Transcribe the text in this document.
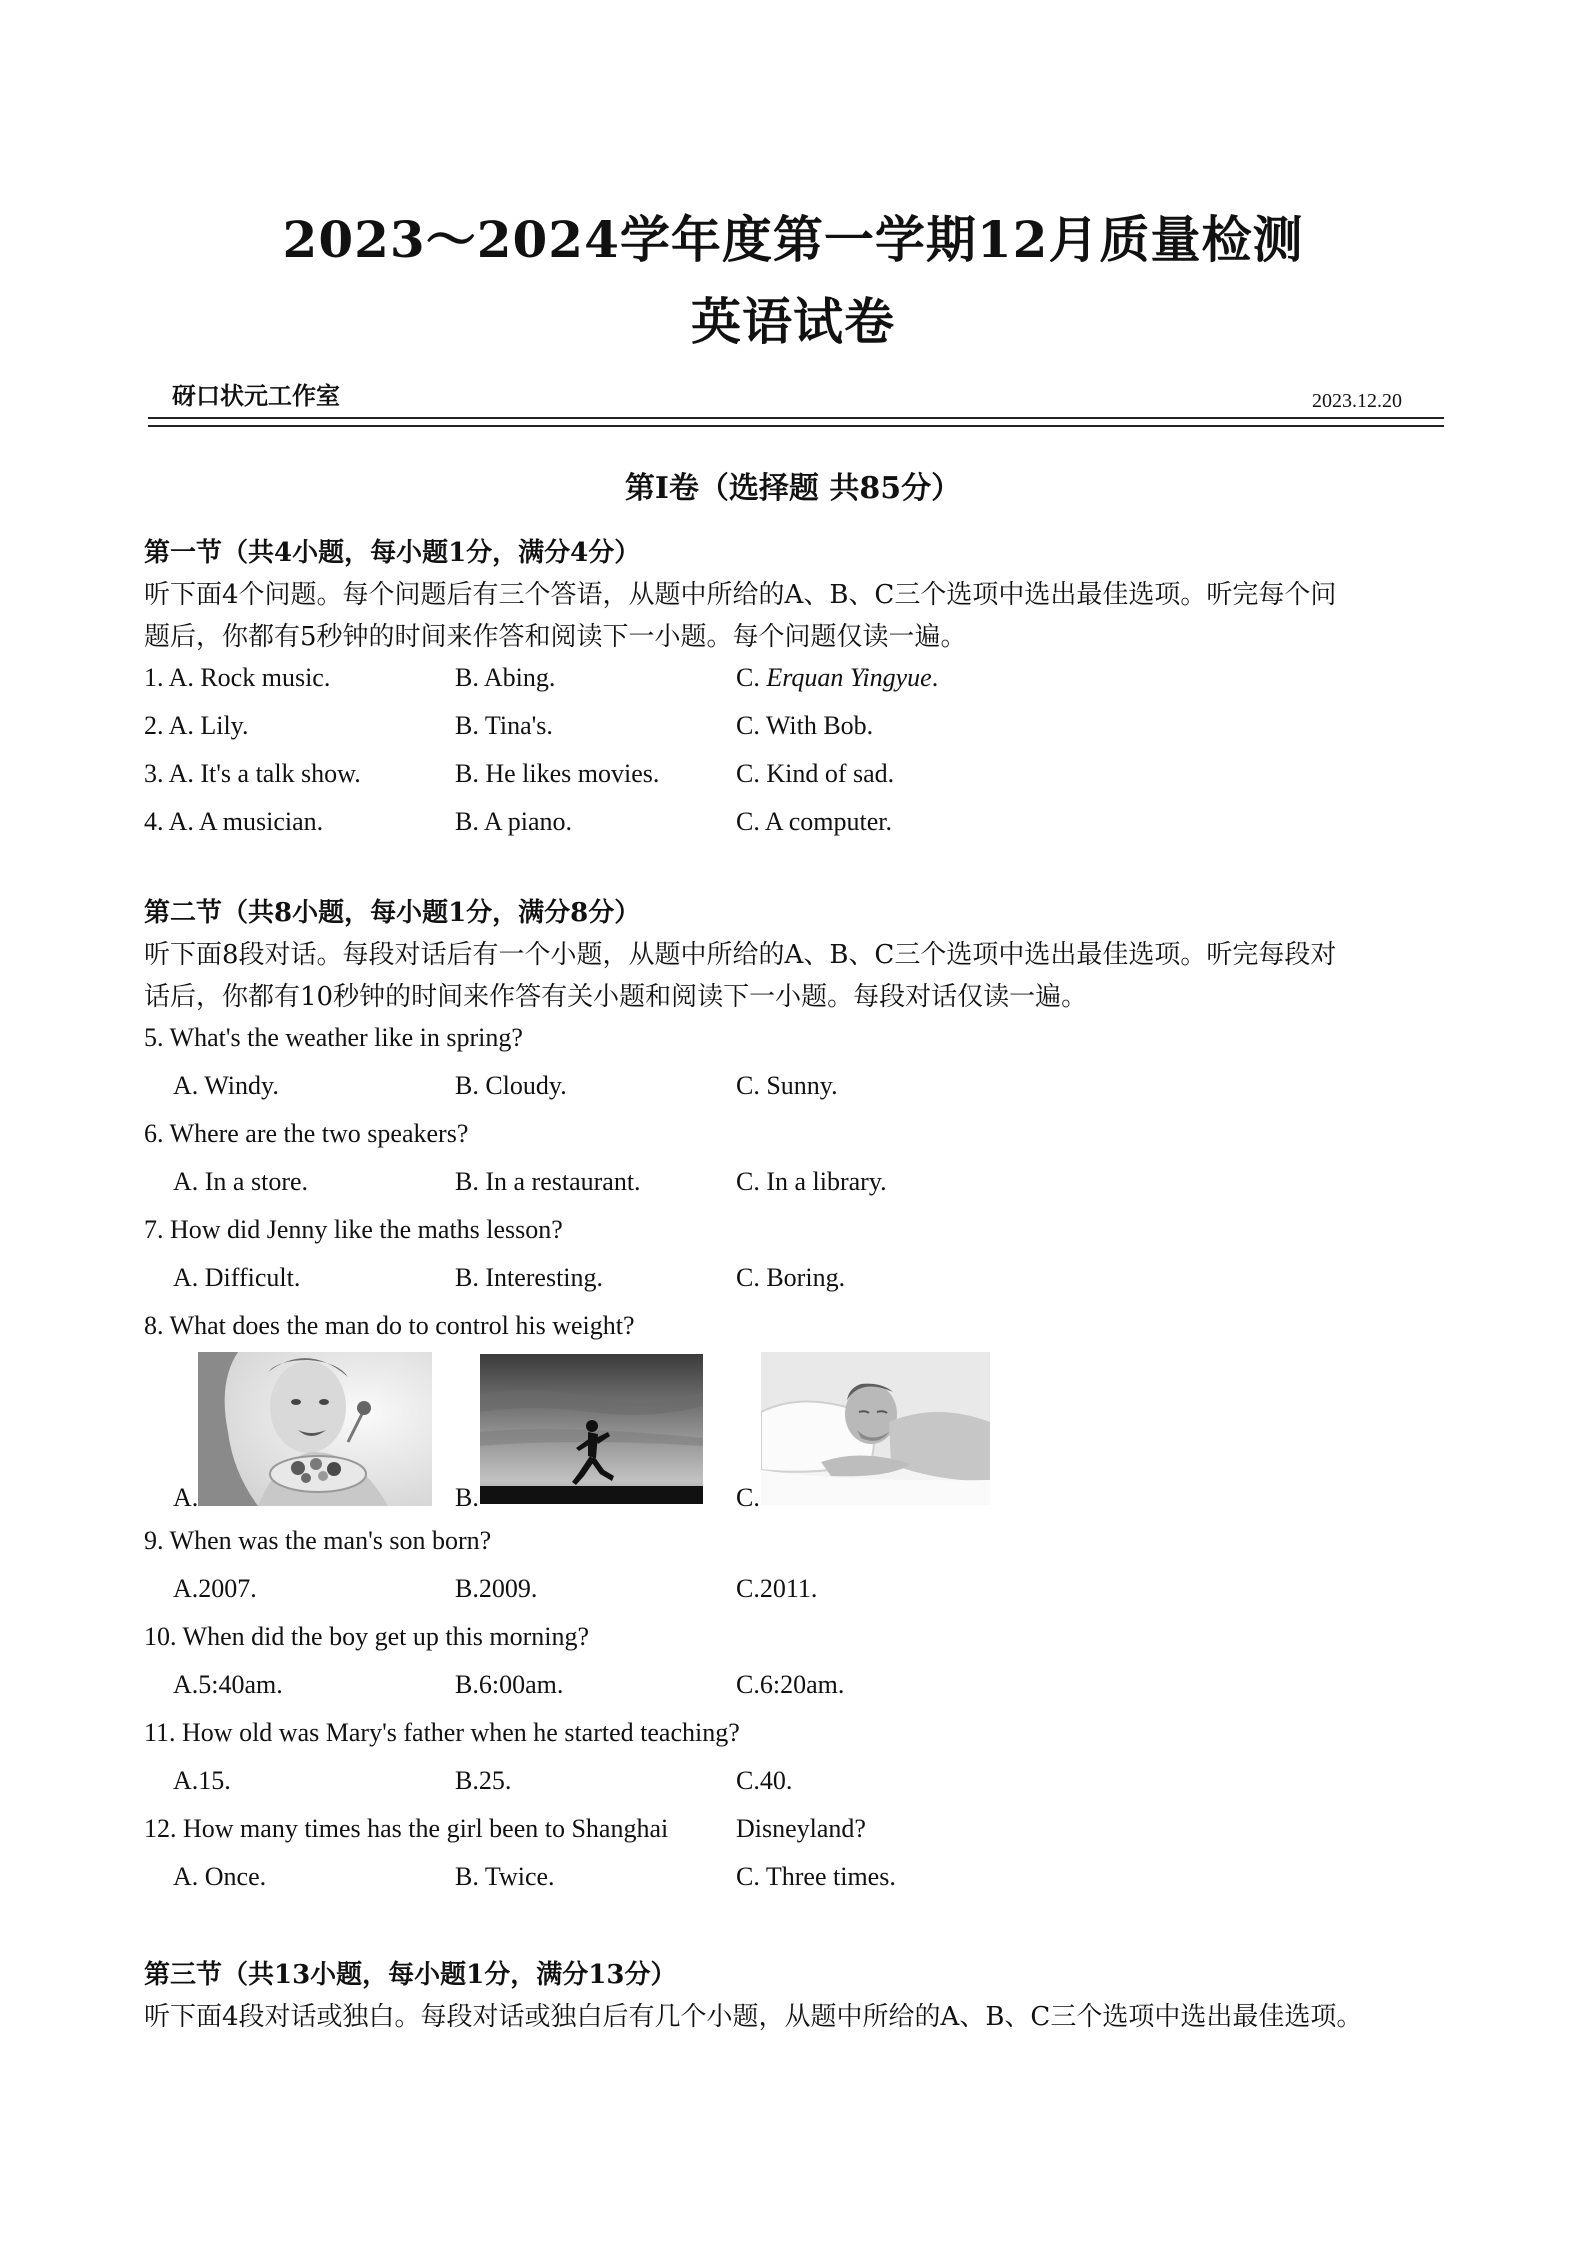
2023～2024学年度第一学期12月质量检测
英语试卷
砑口状元工作室	2023.12.20
第I卷（选择题 共85分）
第一节（共4小题，每小题1分，满分4分）
听下面4个问题。每个问题后有三个答语，从题中所给的A、B、C三个选项中选出最佳选项。听完每个问
题后，你都有5秒钟的时间来作答和阅读下一小题。每个问题仅读一遍。
1. A. Rock music.	B. Abing.	C. Erquan Yingyue.
2. A. Lily.	B. Tina's.	C. With Bob.
3. A. It's a talk show.	B. He likes movies.	C. Kind of sad.
4. A. A musician.	B. A piano.	C. A computer.
第二节（共8小题，每小题1分，满分8分）
听下面8段对话。每段对话后有一个小题，从题中所给的A、B、C三个选项中选出最佳选项。听完每段对
话后，你都有10秒钟的时间来作答有关小题和阅读下一小题。每段对话仅读一遍。
5. What's the weather like in spring?
A. Windy.	B. Cloudy.	C. Sunny.
6. Where are the two speakers?
A. In a store.	B. In a restaurant.	C. In a library.
7. How did Jenny like the maths lesson?
A. Difficult.	B. Interesting.	C. Boring.
8. What does the man do to control his weight?
A.	B.	C.
9. When was the man's son born?
A.2007.	B.2009.	C.2011.
10. When did the boy get up this morning?
A.5:40am.	B.6:00am.	C.6:20am.
11. How old was Mary's father when he started teaching?
A.15.	B.25.	C.40.
12. How many times has the girl been to Shanghai	Disneyland?
A. Once.	B. Twice.	C. Three times.
第三节（共13小题，每小题1分，满分13分）
听下面4段对话或独白。每段对话或独白后有几个小题，从题中所给的A、B、C三个选项中选出最佳选项。
